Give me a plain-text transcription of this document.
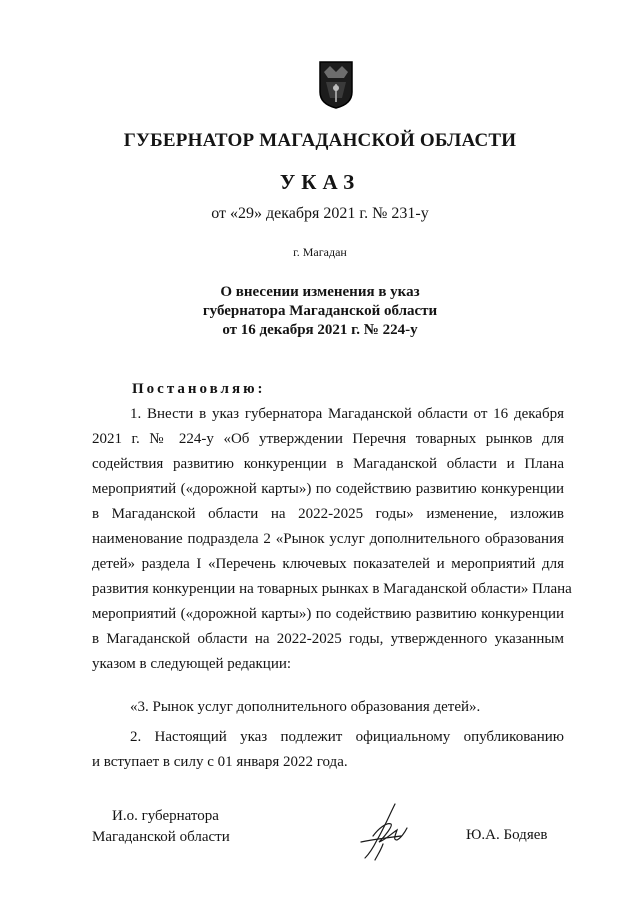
ГУБЕРНАТОР МАГАДАНСКОЙ ОБЛАСТИ
УКАЗ
от «29» декабря 2021 г. № 231-у
г. Магадан
О внесении изменения в указ
губернатора Магаданской области
от 16 декабря 2021 г. № 224-у
Постановляю:
1. Внести в указ губернатора Магаданской области от 16 декабря
2021 г. № 224-у «Об утверждении Перечня товарных рынков для
содействия развитию конкуренции в Магаданской области и Плана
мероприятий («дорожной карты») по содействию развитию конкуренции
в Магаданской области на 2022-2025 годы» изменение, изложив
наименование подраздела 2 «Рынок услуг дополнительного образования
детей» раздела I «Перечень ключевых показателей и мероприятий для
развития конкуренции на товарных рынках в Магаданской области» Плана
мероприятий («дорожной карты») по содействию развитию конкуренции
в Магаданской области на 2022-2025 годы, утвержденного указанным
указом в следующей редакции:
«3. Рынок услуг дополнительного образования детей».
2. Настоящий указ подлежит официальному опубликованию
и вступает в силу с 01 января 2022 года.
И.о. губернатора
Магаданской области	Ю.А. Бодяев
